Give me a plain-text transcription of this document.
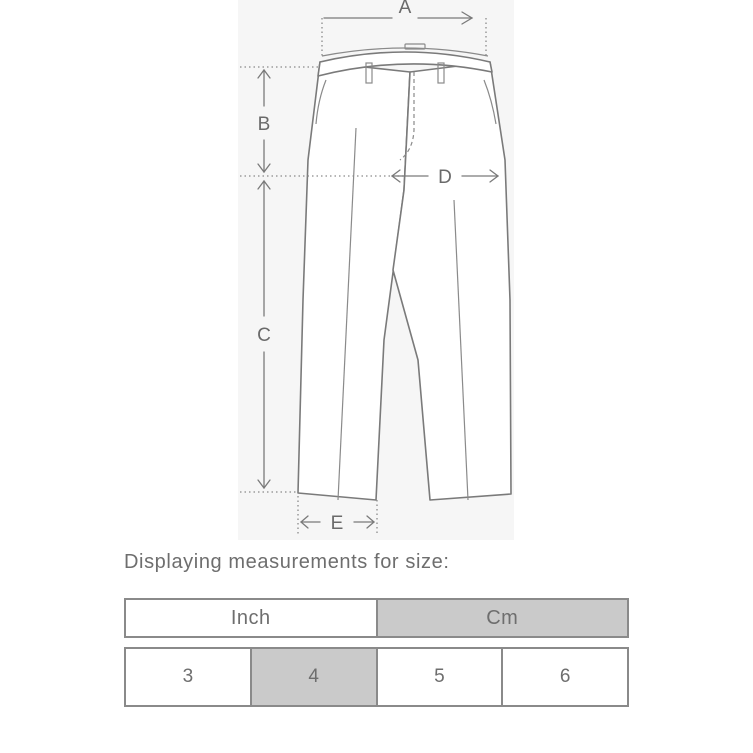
A
B
C
D
E
Displaying measurements for size:
Inch	Cm
3	4	5	6
